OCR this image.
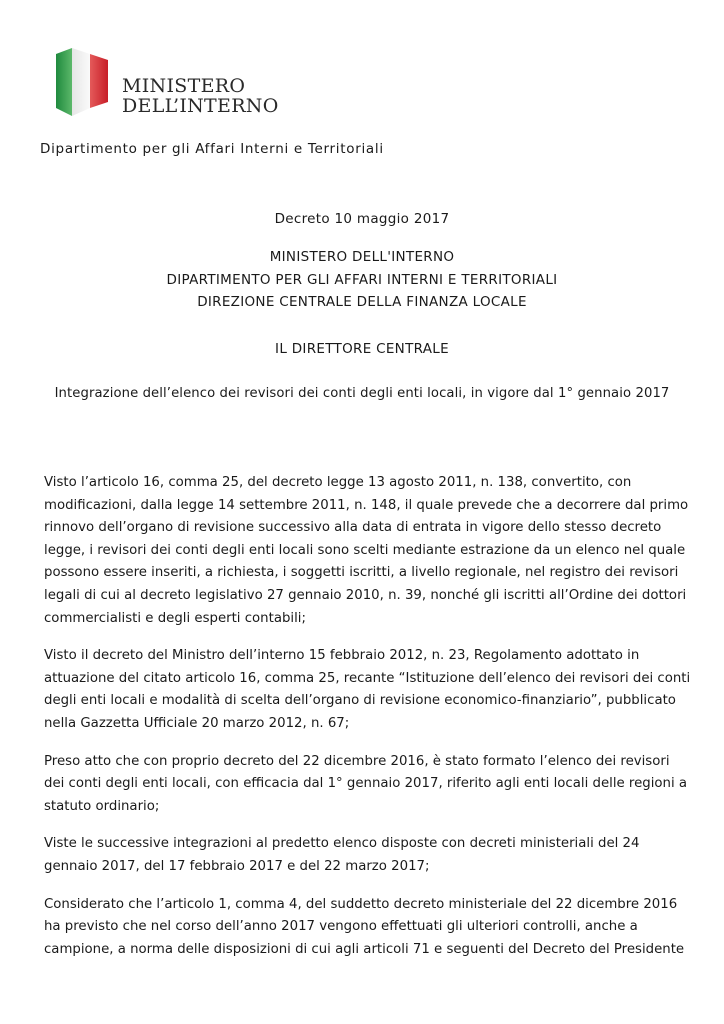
MINISTERO
DELL’INTERNO
Dipartimento per gli Affari Interni e Territoriali
Decreto 10 maggio 2017
MINISTERO DELL'INTERNO
DIPARTIMENTO PER GLI AFFARI INTERNI E TERRITORIALI
DIREZIONE CENTRALE DELLA FINANZA LOCALE
IL DIRETTORE CENTRALE
Integrazione dell’elenco dei revisori dei conti degli enti locali, in vigore dal 1° gennaio 2017

Visto l’articolo 16, comma 25, del decreto legge 13 agosto 2011, n. 138, convertito, con modificazioni, dalla legge 14 settembre 2011, n. 148, il quale prevede che a decorrere dal primo rinnovo dell’organo di revisione successivo alla data di entrata in vigore dello stesso decreto legge, i revisori dei conti degli enti locali sono scelti mediante estrazione da un elenco nel quale possono essere inseriti, a richiesta, i soggetti iscritti, a livello regionale, nel registro dei revisori legali di cui al decreto legislativo 27 gennaio 2010, n. 39, nonché gli iscritti all’Ordine dei dottori commercialisti e degli esperti contabili;

Visto il decreto del Ministro dell’interno 15 febbraio 2012, n. 23, Regolamento adottato in attuazione del citato articolo 16, comma 25, recante “Istituzione dell’elenco dei revisori dei conti degli enti locali e modalità di scelta dell’organo di revisione economico-finanziario”, pubblicato nella Gazzetta Ufficiale 20 marzo 2012, n. 67;

Preso atto che con proprio decreto del 22 dicembre 2016, è stato formato l’elenco dei revisori dei conti degli enti locali, con efficacia dal 1° gennaio 2017, riferito agli enti locali delle regioni a statuto ordinario;

Viste le successive integrazioni al predetto elenco disposte con decreti ministeriali del 24 gennaio 2017, del 17 febbraio 2017 e del 22 marzo 2017;

Considerato che l’articolo 1, comma 4, del suddetto decreto ministeriale del 22 dicembre 2016 ha previsto che nel corso dell’anno 2017 vengono effettuati gli ulteriori controlli, anche a campione, a norma delle disposizioni di cui agli articoli 71 e seguenti del Decreto del Presidente
